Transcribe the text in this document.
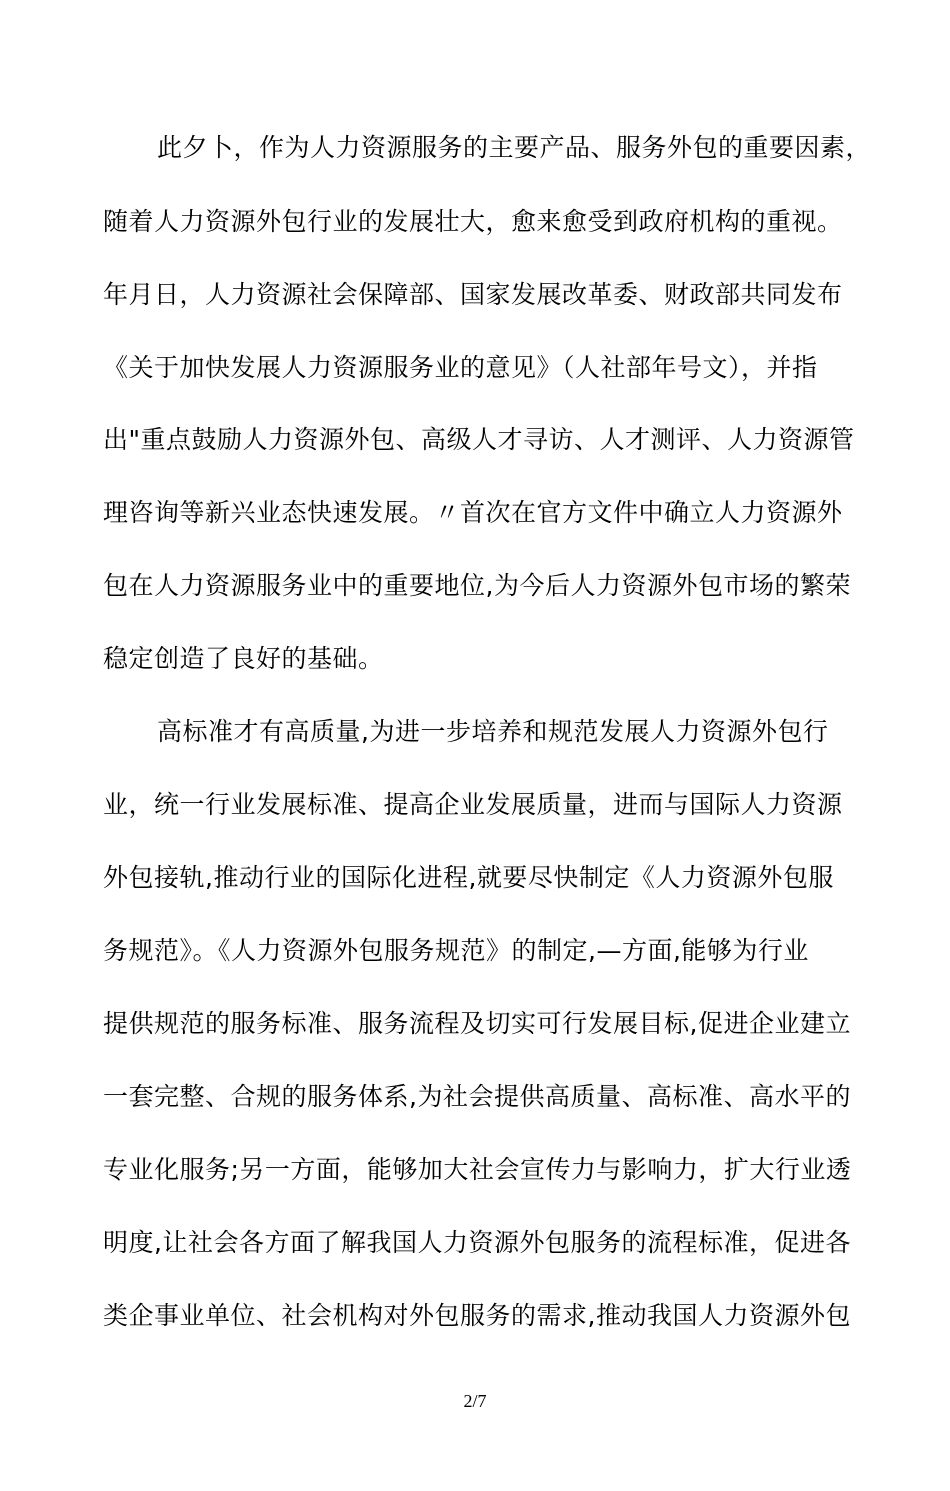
此夕卜，作为人力资源服务的主要产品、服务外包的重要因素，
随着人力资源外包行业的发展壮大，愈来愈受到政府机构的重视。
年月日，人力资源社会保障部、国家发展改革委、财政部共同发布
《关于加快发展人力资源服务业的意见》（人社部年号文），并指
出"重点鼓励人力资源外包、高级人才寻访、人才测评、人力资源管
理咨询等新兴业态快速发展。〃首次在官方文件中确立人力资源外
包在人力资源服务业中的重要地位,为今后人力资源外包市场的繁荣
稳定创造了良好的基础。
高标准才有高质量,为进一步培养和规范发展人力资源外包行
业，统一行业发展标准、提高企业发展质量，进而与国际人力资源
外包接轨,推动行业的国际化进程,就要尽快制定《人力资源外包服
务规范》。《人力资源外包服务规范》的制定,—方面,能够为行业
提供规范的服务标准、服务流程及切实可行发展目标,促进企业建立
一套完整、合规的服务体系,为社会提供高质量、高标准、高水平的
专业化服务;另一方面，能够加大社会宣传力与影响力，扩大行业透
明度,让社会各方面了解我国人力资源外包服务的流程标准，促进各
类企事业单位、社会机构对外包服务的需求,推动我国人力资源外包
2/7
